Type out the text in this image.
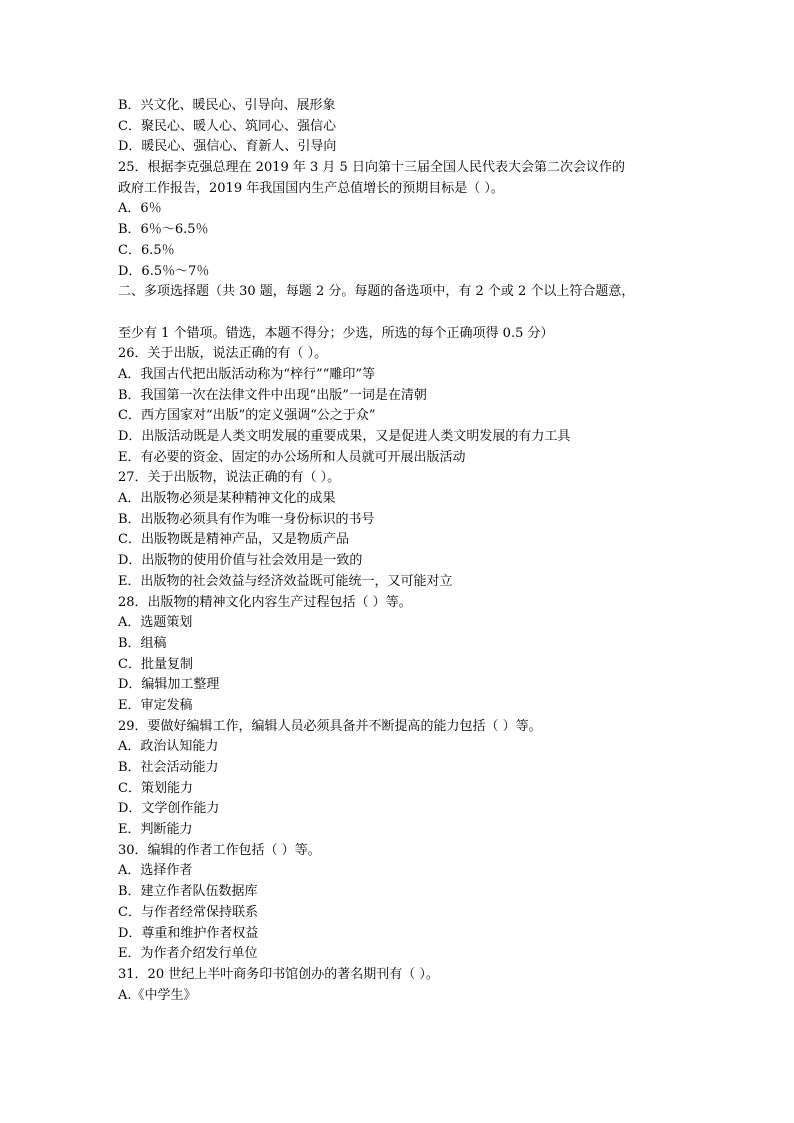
B．兴文化、暖民心、引导向、展形象
C．聚民心、暖人心、筑同心、强信心
D．暖民心、强信心、育新人、引导向
25．根据李克强总理在 2019 年 3 月 5 日向第十三届全国人民代表大会第二次会议作的
政府工作报告，2019 年我国国内生产总值增长的预期目标是（ ）。
A．6％
B．6％～6.5％
C．6.5％
D．6.5％～7％
二、多项选择题（共 30 题，每题 2 分。每题的备选项中，有 2 个或 2 个以上符合题意，
至少有 1 个错项。错选，本题不得分；少选，所选的每个正确项得 0.5 分）
26．关于出版，说法正确的有（ ）。
A．我国古代把出版活动称为“梓行”“雕印”等
B．我国第一次在法律文件中出现“出版”一词是在清朝
C．西方国家对“出版”的定义强调“公之于众”
D．出版活动既是人类文明发展的重要成果，又是促进人类文明发展的有力工具
E．有必要的资金、固定的办公场所和人员就可开展出版活动
27．关于出版物，说法正确的有（ ）。
A．出版物必须是某种精神文化的成果
B．出版物必须具有作为唯一身份标识的书号
C．出版物既是精神产品，又是物质产品
D．出版物的使用价值与社会效用是一致的
E．出版物的社会效益与经济效益既可能统一，又可能对立
28．出版物的精神文化内容生产过程包括（ ）等。
A．选题策划
B．组稿
C．批量复制
D．编辑加工整理
E．审定发稿
29．要做好编辑工作，编辑人员必须具备并不断提高的能力包括（ ）等。
A．政治认知能力
B．社会活动能力
C．策划能力
D．文学创作能力
E．判断能力
30．编辑的作者工作包括（ ）等。
A．选择作者
B．建立作者队伍数据库
C．与作者经常保持联系
D．尊重和维护作者权益
E．为作者介绍发行单位
31．20 世纪上半叶商务印书馆创办的著名期刊有（ ）。
A.《中学生》
